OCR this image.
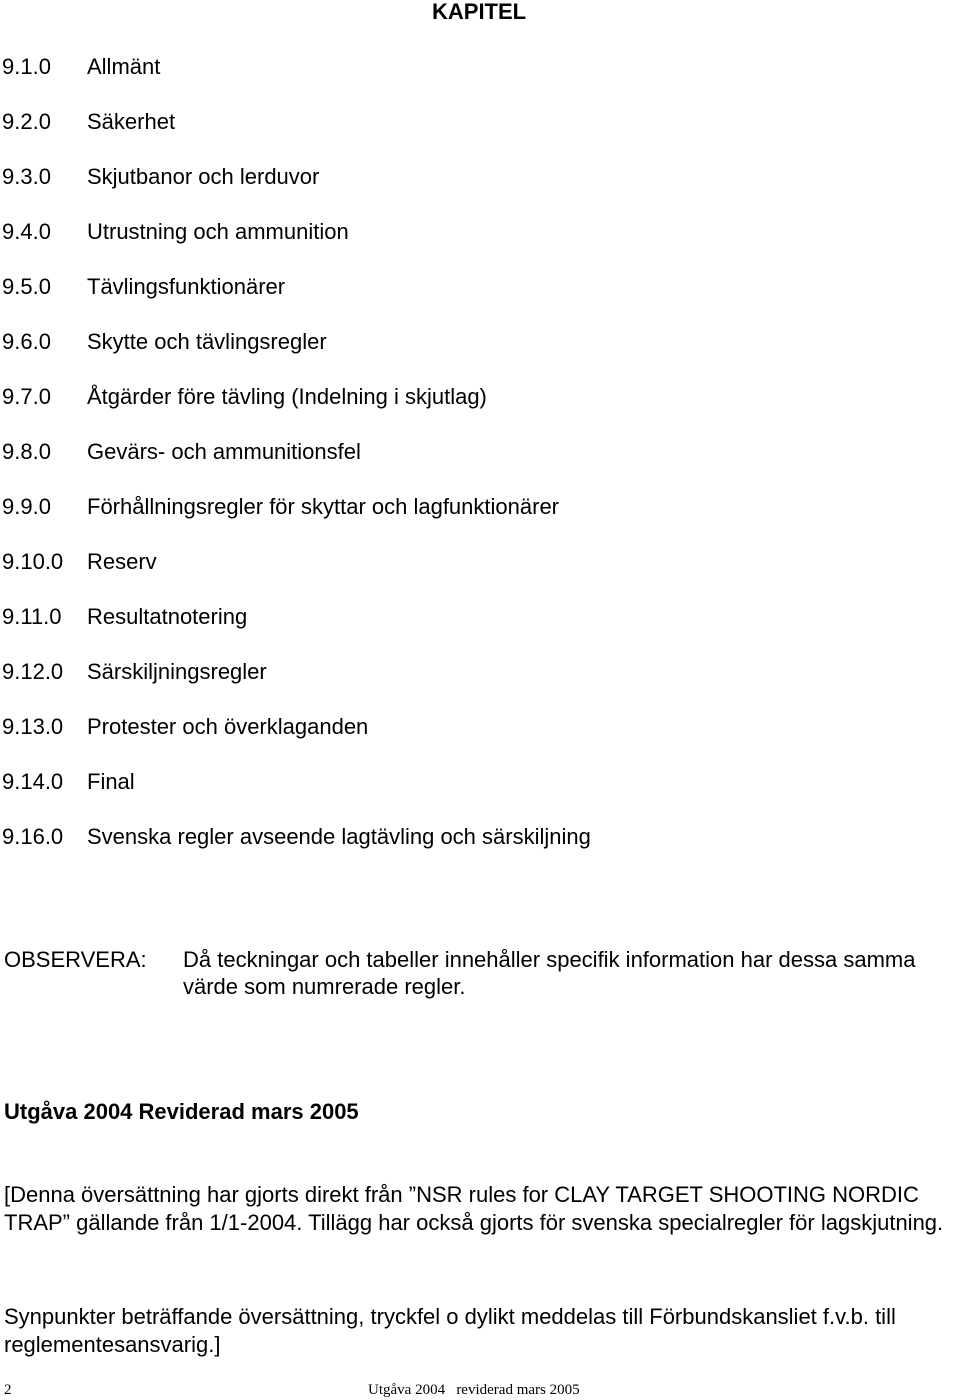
KAPITEL
9.1.0 Allmänt
9.2.0 Säkerhet
9.3.0 Skjutbanor och lerduvor
9.4.0 Utrustning och ammunition
9.5.0 Tävlingsfunktionärer
9.6.0 Skytte och tävlingsregler
9.7.0 Åtgärder före tävling (Indelning i skjutlag)
9.8.0 Gevärs- och ammunitionsfel
9.9.0 Förhållningsregler för skyttar och lagfunktionärer
9.10.0 Reserv
9.11.0 Resultatnotering
9.12.0 Särskiljningsregler
9.13.0 Protester och överklaganden
9.14.0 Final
9.16.0 Svenska regler avseende lagtävling och särskiljning
OBSERVERA: Då teckningar och tabeller innehåller specifik information har dessa samma värde som numrerade regler.
Utgåva 2004 Reviderad mars 2005
[Denna översättning har gjorts direkt från ”NSR rules for CLAY TARGET SHOOTING NORDIC TRAP” gällande från 1/1-2004. Tillägg har också gjorts för svenska specialregler för lagskjutning.
Synpunkter beträffande översättning, tryckfel o dylikt meddelas till Förbundskansliet f.v.b. till reglementesansvarig.]
2	Utgåva 2004   reviderad mars 2005
